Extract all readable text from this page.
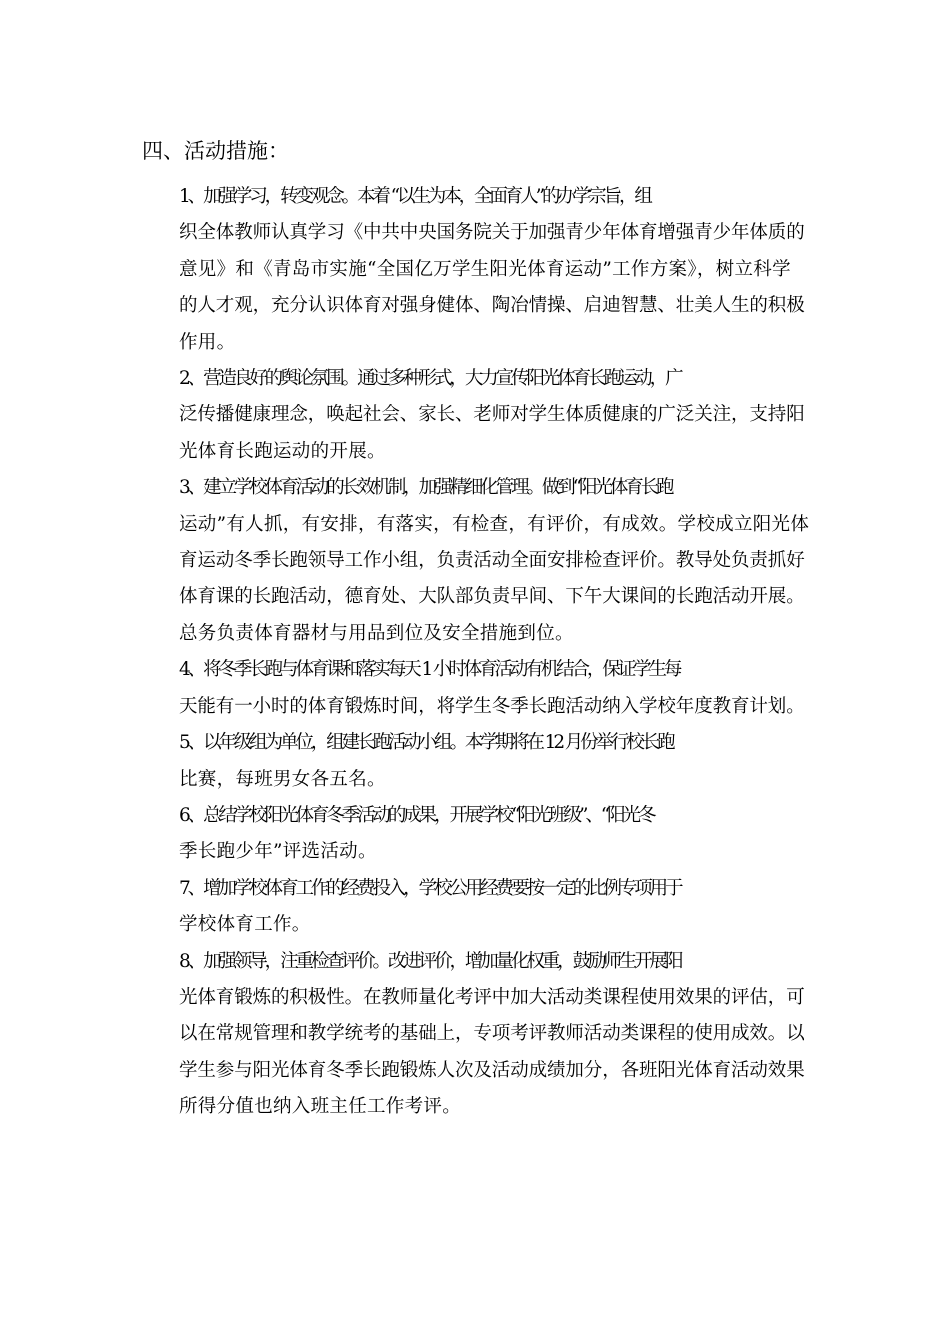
四、活动措施：

1、加强学习，转变观念。本着 “以生为本，全面育人”的办学宗旨，组
织全体教师认真学习《中共中央国务院关于加强青少年体育增强青少年体质的
意见》和《青岛市实施“全国亿万学生阳光体育运动”工作方案》，树立科学
的人才观，充分认识体育对强身健体、陶冶情操、启迪智慧、壮美人生的积极
作用。

2、营造良好的舆论氛围。通过多种形式，大力宣传阳光体育长跑运动，广
泛传播健康理念，唤起社会、家长、老师对学生体质健康的广泛关注，支持阳
光体育长跑运动的开展。

3、建立学校体育活动的长效机制，加强精细化管理。做到“阳光体育长跑
运动”有人抓，有安排，有落实，有检查，有评价，有成效。学校成立阳光体
育运动冬季长跑领导工作小组，负责活动全面安排检查评价。教导处负责抓好
体育课的长跑活动，德育处、大队部负责早间、下午大课间的长跑活动开展。
总务负责体育器材与用品到位及安全措施到位。

4、将冬季长跑与体育课和落实每天 1 小时体育活动有机结合，保证学生每
天能有一小时的体育锻炼时间，将学生冬季长跑活动纳入学校年度教育计划。

5、以年级组为单位，组建长跑活动小组。本学期将在 12 月份举行校长跑
比赛，每班男女各五名。

6、总结学校阳光体育冬季活动的成果，开展学校“阳光班级”、“阳光冬
季长跑少年”评选活动。

7、增加学校体育工作的经费投入，学校公用经费要按一定的比例专项用于
学校体育工作。

8、加强领导，注重检查评价。改进评价，增加量化权重，鼓励师生开展阳
光体育锻炼的积极性。在教师量化考评中加大活动类课程使用效果的评估，可
以在常规管理和教学统考的基础上，专项考评教师活动类课程的使用成效。以
学生参与阳光体育冬季长跑锻炼人次及活动成绩加分，各班阳光体育活动效果
所得分值也纳入班主任工作考评。
